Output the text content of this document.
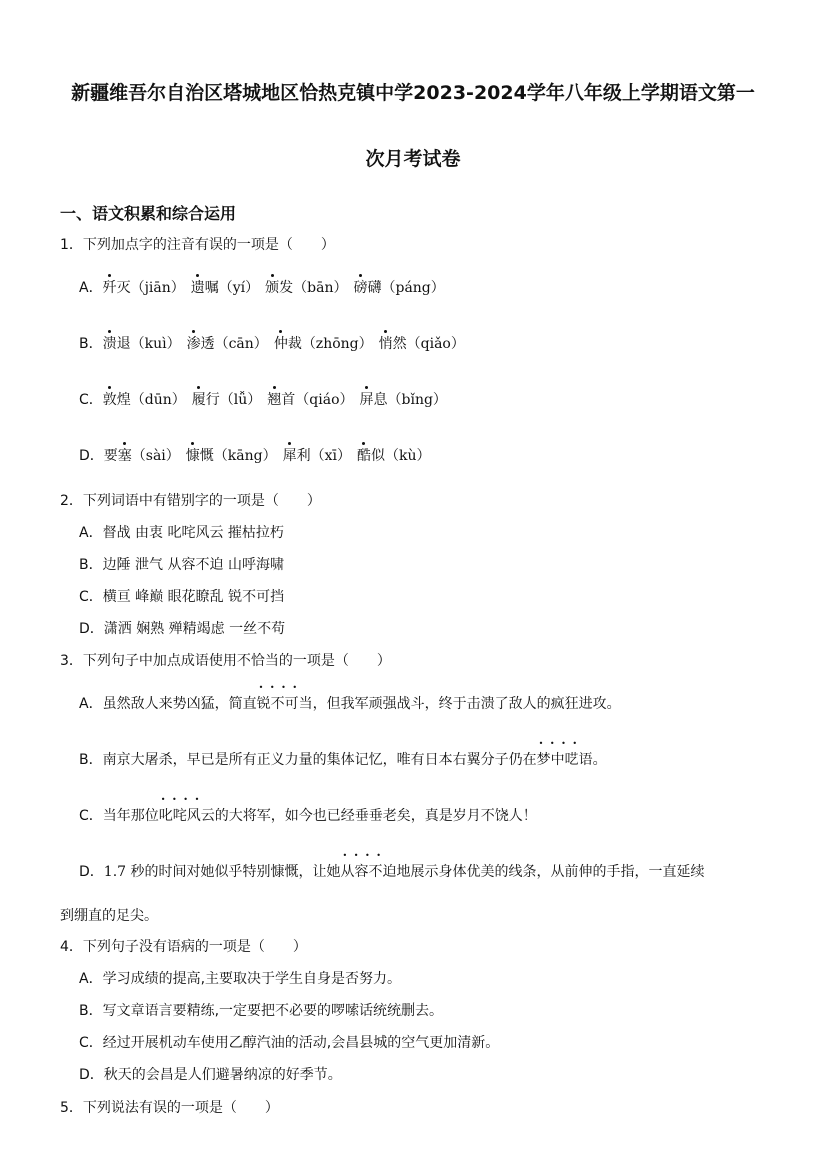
新疆维吾尔自治区塔城地区恰热克镇中学2023-2024学年八年级上学期语文第一
次月考试卷
一、语文积累和综合运用
1．下列加点字的注音有误的一项是（　　）
A．歼灭（jiān） 遗嘱（yí） 颁发（bān） 磅礴（páng）
B．溃退（kuì） 渗透（cān） 仲裁（zhōng） 悄然（qiǎo）
C．敦煌（dūn） 履行（lǚ） 翘首（qiáo） 屏息（bǐng）
D．要塞（sài） 慷慨（kāng） 犀利（xī） 酷似（kù）
2．下列词语中有错别字的一项是（　　）
A．督战 由衷 叱咤风云 摧枯拉朽
B．边陲 泄气 从容不迫 山呼海啸
C．横亘 峰巅 眼花瞭乱 锐不可挡
D．潇洒 娴熟 殚精竭虑 一丝不苟
3．下列句子中加点成语使用不恰当的一项是（　　）
A．虽然敌人来势凶猛，简直• • 锐不可当，但我军顽强战斗，终于击溃了敌人的疯狂进攻。
B．南京大屠杀，早已是所有正义力量的集体记忆，唯有日本右翼分子仍在• • 梦中呓语。
C．当年那位• • 叱咤风云的大将军，如今也已经垂垂老矣，真是岁月不饶人！
D．1.7 秒的时间对她似乎特别慷慨，让她• • 从容不迫地展示身体优美的线条，从前伸的手指，一直延续
到绷直的足尖。
4．下列句子没有语病的一项是（　　）
A．学习成绩的提高,主要取决于学生自身是否努力。
B．写文章语言要精练,一定要把不必要的啰嗦话统统删去。
C．经过开展机动车使用乙醇汽油的活动,会昌县城的空气更加清新。
D．秋天的会昌是人们避暑纳凉的好季节。
5．下列说法有误的一项是（　　）
